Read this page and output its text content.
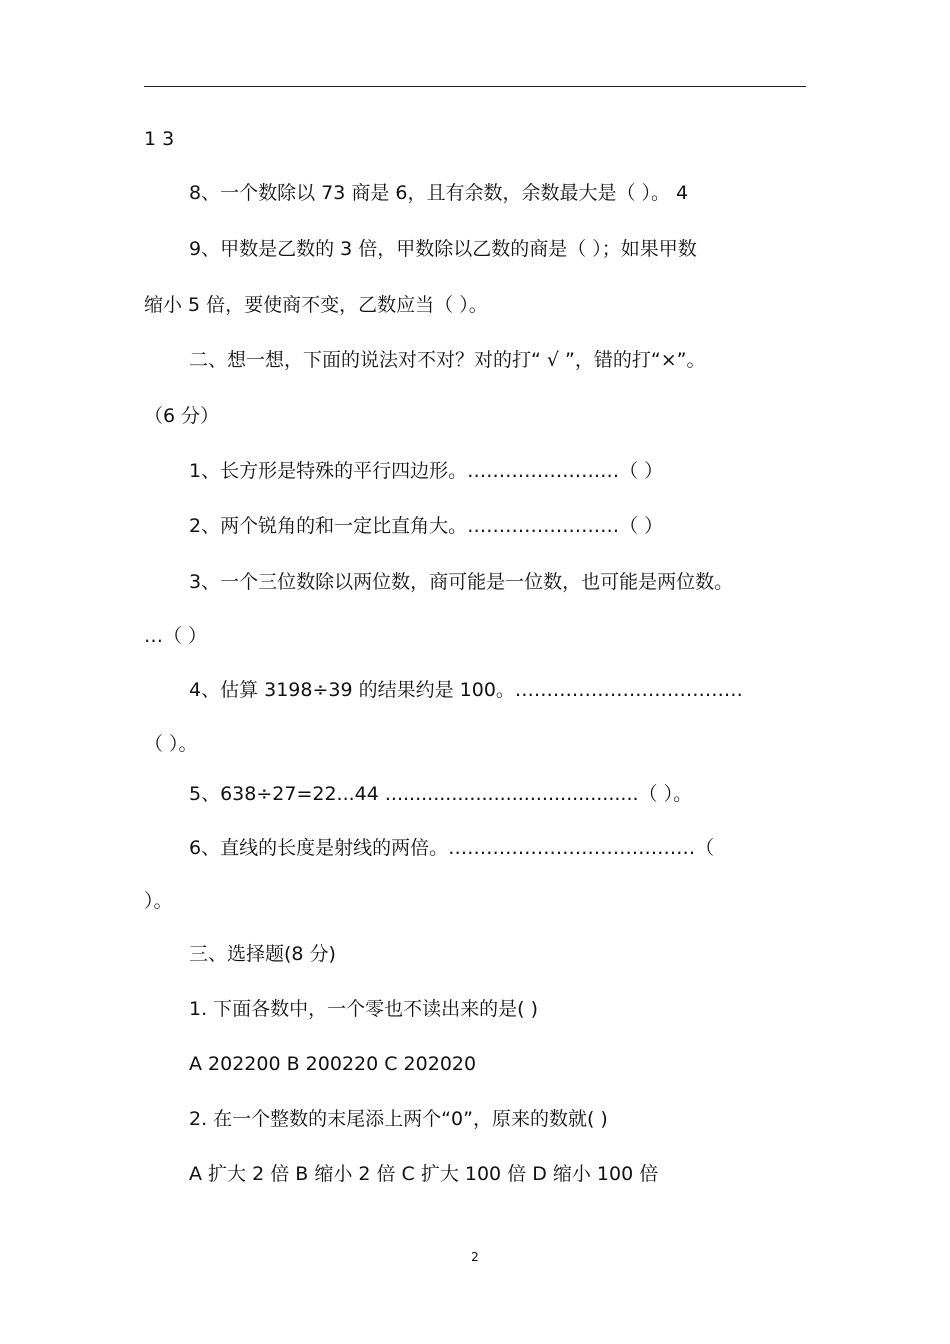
1 3
8、一个数除以 73 商是 6，且有余数，余数最大是（ ）。 4
9、甲数是乙数的 3 倍，甲数除以乙数的商是（ ）；如果甲数
缩小 5 倍，要使商不变，乙数应当（ ）。
二、想一想，下面的说法对不对？对的打“ √ ”，错的打“×”。
（6 分）
1、长方形是特殊的平行四边形。……………………（ ）
2、两个锐角的和一定比直角大。……………………（ ）
3、一个三位数除以两位数，商可能是一位数，也可能是两位数。
…（ ）
4、估算 3198÷39 的结果约是 100。………………………………
（ ）。
5、638÷27=22...44 ..........................................（ ）。
6、直线的长度是射线的两倍。…………………………………（
）。
三、选择题(8 分)
1. 下面各数中，一个零也不读出来的是( )
A 202200 B 200220 C 202020
2. 在一个整数的末尾添上两个“0”，原来的数就( )
A 扩大 2 倍 B 缩小 2 倍 C 扩大 100 倍 D 缩小 100 倍
2
